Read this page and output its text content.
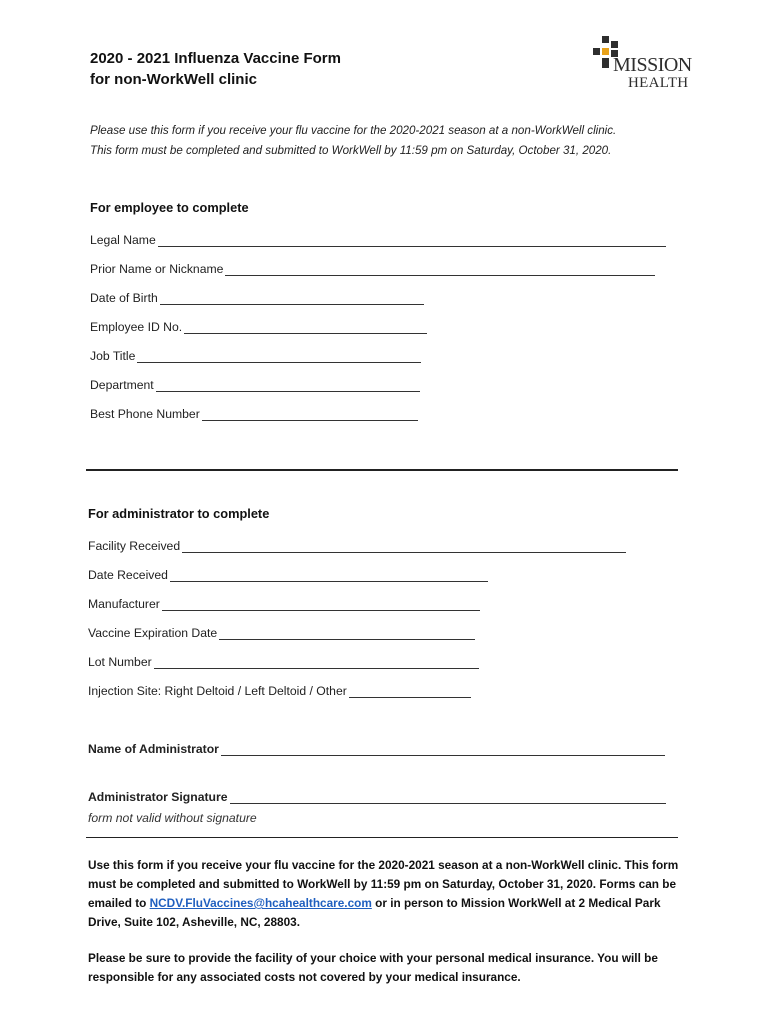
2020 - 2021 Influenza Vaccine Form
for non-WorkWell clinic
MISSION
HEALTH
Please use this form if you receive your flu vaccine for the 2020-2021 season at a non-WorkWell clinic.
This form must be completed and submitted to WorkWell by 11:59 pm on Saturday, October 31, 2020.
For employee to complete
Legal Name
Prior Name or Nickname
Date of Birth
Employee ID No.
Job Title
Department
Best Phone Number
For administrator to complete
Facility Received
Date Received
Manufacturer
Vaccine Expiration Date
Lot Number
Injection Site: Right Deltoid / Left Deltoid / Other
Name of Administrator
Administrator Signature
form not valid without signature
Use this form if you receive your flu vaccine for the 2020-2021 season at a non-WorkWell clinic. This form must be completed and submitted to WorkWell by 11:59 pm on Saturday, October 31, 2020. Forms can be emailed to NCDV.FluVaccines@hcahealthcare.com or in person to Mission WorkWell at 2 Medical Park Drive, Suite 102, Asheville, NC, 28803.
Please be sure to provide the facility of your choice with your personal medical insurance. You will be responsible for any associated costs not covered by your medical insurance.
